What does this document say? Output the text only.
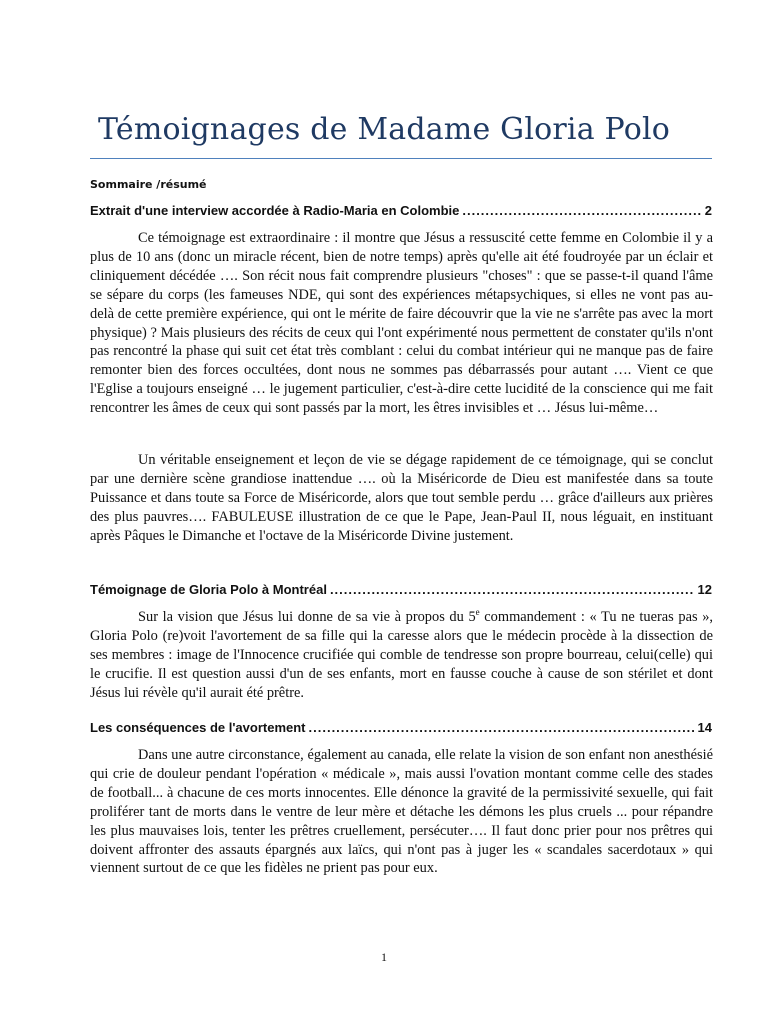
Témoignages de Madame Gloria Polo
Sommaire /résumé
Extrait d'une interview accordée à Radio-Maria en Colombie .....	2

Ce témoignage est extraordinaire : il montre que Jésus a ressuscité cette femme en Colombie il y a plus de 10 ans (donc un miracle récent, bien de notre temps) après qu'elle ait été foudroyée par un éclair et cliniquement décédée …. Son récit nous fait comprendre plusieurs "choses" : que se passe-t-il quand l'âme se sépare du corps (les fameuses NDE, qui sont des expériences métapsychiques, si elles ne vont pas au-delà de cette première expérience, qui ont le mérite de faire découvrir que la vie ne s'arrête pas avec la mort physique) ? Mais plusieurs des récits de ceux qui l'ont expérimenté nous permettent de constater qu'ils n'ont pas rencontré la phase qui suit cet état très comblant : celui du combat intérieur qui ne manque pas de faire remonter bien des forces occultées, dont nous ne sommes pas débarrassés pour autant …. Vient ce que l'Eglise a toujours enseigné … le jugement particulier, c'est-à-dire cette lucidité de la conscience qui me fait rencontrer les âmes de ceux qui sont passés par la mort, les êtres invisibles et … Jésus lui-même…

Un véritable enseignement et leçon de vie se dégage rapidement de ce témoignage, qui se conclut par une dernière scène grandiose inattendue …. où la Miséricorde de Dieu est manifestée dans sa toute Puissance et dans toute sa Force de Miséricorde, alors que tout semble perdu … grâce d'ailleurs aux prières des plus pauvres…. FABULEUSE illustration de ce que le Pape, Jean-Paul II, nous léguait, en instituant après Pâques le Dimanche et l'octave de la Miséricorde Divine justement.

Témoignage de Gloria Polo à Montréal .....	12

Sur la vision que Jésus lui donne de sa vie à propos du 5e commandement : « Tu ne tueras pas », Gloria Polo (re)voit l'avortement de sa fille qui la caresse alors que le médecin procède à la dissection de ses membres : image de l'Innocence crucifiée qui comble de tendresse son propre bourreau, celui(celle) qui le crucifie. Il est question aussi d'un de ses enfants, mort en fausse couche à cause de son stérilet et dont Jésus lui révèle qu'il aurait été prêtre.

Les conséquences de l'avortement .....	14

Dans une autre circonstance, également au canada, elle relate la vision de son enfant non anesthésié qui crie de douleur pendant l'opération « médicale », mais aussi l'ovation montant comme celle des stades de football... à chacune de ces morts innocentes. Elle dénonce la gravité de la permissivité sexuelle, qui fait proliférer tant de morts dans le ventre de leur mère et détache les démons les plus cruels ... pour répandre les plus mauvaises lois, tenter les prêtres cruellement, persécuter…. Il faut donc prier pour nos prêtres qui doivent affronter des assauts épargnés aux laïcs, qui n'ont pas à juger les « scandales sacerdotaux » qui viennent surtout de ce que les fidèles ne prient pas pour eux.

1
